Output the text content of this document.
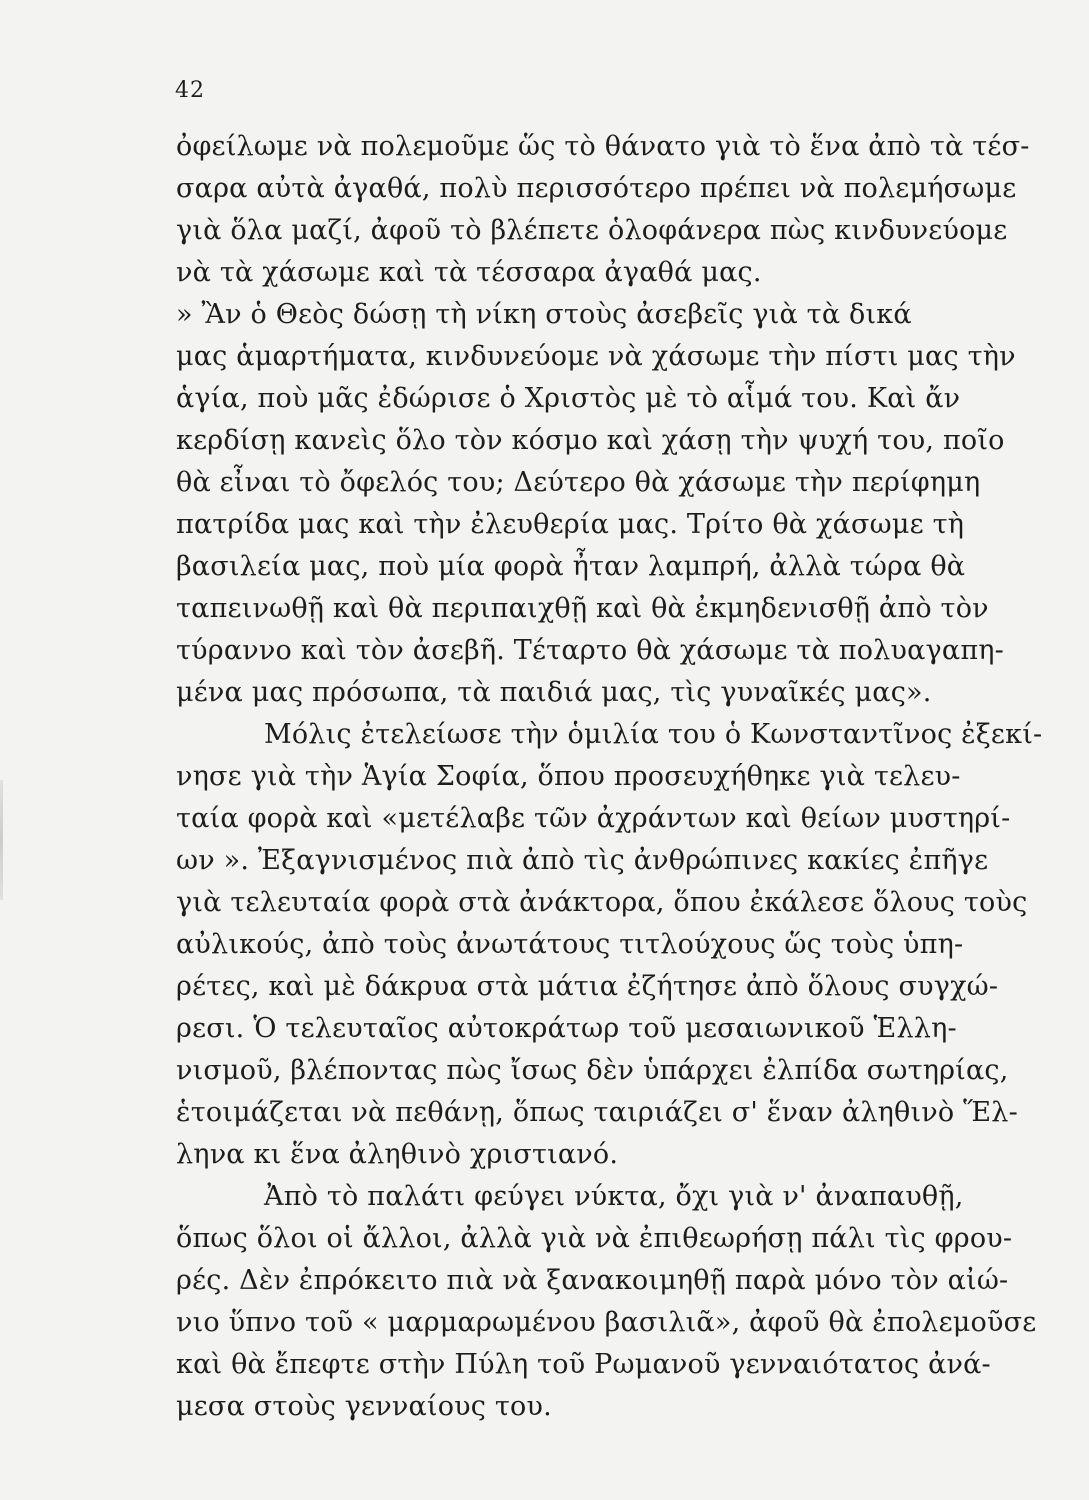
42
ὀφείλωμε νὰ πολεμοῦμε ὥς τὸ θάνατο γιὰ τὸ ἕνα ἀπὸ τὰ τέσ-
σαρα αὐτὰ ἀγαθά, πολὺ περισσότερο πρέπει νὰ πολεμήσωμε
γιὰ ὅλα μαζί, ἀφοῦ τὸ βλέπετε ὁλοφάνερα πὼς κινδυνεύομε
νὰ τὰ χάσωμε καὶ τὰ τέσσαρα ἀγαθά μας.
» Ἂν ὁ Θεὸς δώσῃ τὴ νίκη στοὺς ἀσεβεῖς γιὰ τὰ δικά
μας ἁμαρτήματα, κινδυνεύομε νὰ χάσωμε τὴν πίστι μας τὴν
ἁγία, ποὺ μᾶς ἐδώρισε ὁ Χριστὸς μὲ τὸ αἷμά του. Καὶ ἄν
κερδίσῃ κανεὶς ὅλο τὸν κόσμο καὶ χάσῃ τὴν ψυχή του, ποῖο
θὰ εἶναι τὸ ὄφελός του; Δεύτερο θὰ χάσωμε τὴν περίφημη
πατρίδα μας καὶ τὴν ἐλευθερία μας. Τρίτο θὰ χάσωμε τὴ
βασιλεία μας, ποὺ μία φορὰ ἦταν λαμπρή, ἀλλὰ τώρα θὰ
ταπεινωθῇ καὶ θὰ περιπαιχθῇ καὶ θὰ ἐκμηδενισθῇ ἀπὸ τὸν
τύραννο καὶ τὸν ἀσεβῆ. Τέταρτο θὰ χάσωμε τὰ πολυαγαπη-
μένα μας πρόσωπα, τὰ παιδιά μας, τὶς γυναῖκές μας».
Μόλις ἐτελείωσε τὴν ὁμιλία του ὁ Κωνσταντῖνος ἐξεκί-
νησε γιὰ τὴν Ἁγία Σοφία, ὅπου προσευχήθηκε γιὰ τελευ-
ταία φορὰ καὶ «μετέλαβε τῶν ἀχράντων καὶ θείων μυστηρί-
ων ». Ἐξαγνισμένος πιὰ ἀπὸ τὶς ἀνθρώπινες κακίες ἐπῆγε
γιὰ τελευταία φορὰ στὰ ἀνάκτορα, ὅπου ἐκάλεσε ὅλους τοὺς
αὐλικούς, ἀπὸ τοὺς ἀνωτάτους τιτλούχους ὥς τοὺς ὑπη-
ρέτες, καὶ μὲ δάκρυα στὰ μάτια ἐζήτησε ἀπὸ ὅλους συγχώ-
ρεσι. Ὁ τελευταῖος αὐτοκράτωρ τοῦ μεσαιωνικοῦ Ἑλλη-
νισμοῦ, βλέποντας πὼς ἴσως δὲν ὑπάρχει ἐλπίδα σωτηρίας,
ἑτοιμάζεται νὰ πεθάνῃ, ὅπως ταιριάζει σ' ἕναν ἀληθινὸ Ἕλ-
ληνα κι ἕνα ἀληθινὸ χριστιανό.
Ἀπὸ τὸ παλάτι φεύγει νύκτα, ὄχι γιὰ ν' ἀναπαυθῇ,
ὅπως ὅλοι οἱ ἄλλοι, ἀλλὰ γιὰ νὰ ἐπιθεωρήσῃ πάλι τὶς φρου-
ρές. Δὲν ἐπρόκειτο πιὰ νὰ ξανακοιμηθῇ παρὰ μόνο τὸν αἰώ-
νιο ὕπνο τοῦ « μαρμαρωμένου βασιλιᾶ», ἀφοῦ θὰ ἐπολεμοῦσε
καὶ θὰ ἔπεφτε στὴν Πύλη τοῦ Ρωμανοῦ γενναιότατος ἀνά-
μεσα στοὺς γενναίους του.
